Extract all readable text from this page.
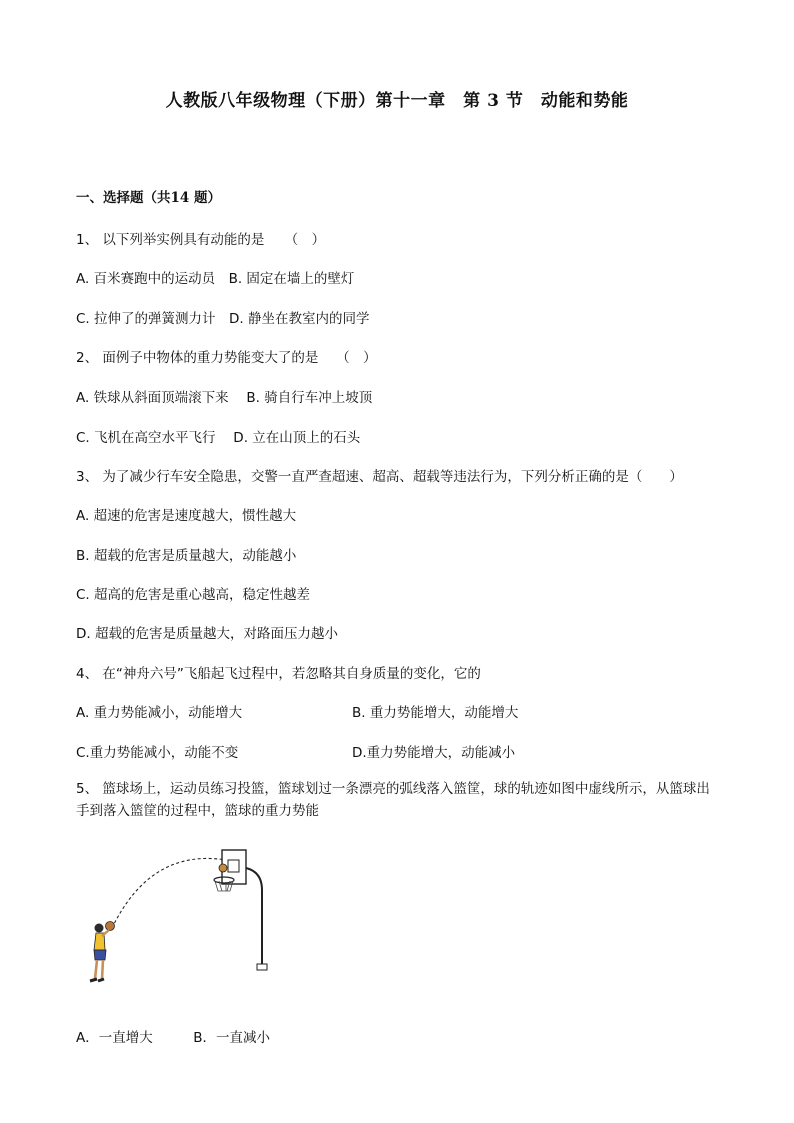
人教版八年级物理（下册）第十一章　第 3 节　动能和势能
一、选择题（共14 题）
1、 以下列举实例具有动能的是　　（　）
A. 百米赛跑中的运动员　B. 固定在墙上的壁灯
C. 拉伸了的弹簧测力计　D. 静坐在教室内的同学
2、 面例子中物体的重力势能变大了的是　 （　）
A. 铁球从斜面顶端滚下来　 B. 骑自行车冲上坡顶
C. 飞机在高空水平飞行　 D. 立在山顶上的石头
3、 为了减少行车安全隐患，交警一直严查超速、超高、超载等违法行为，下列分析正确的是（　　）
A. 超速的危害是速度越大，惯性越大
B. 超载的危害是质量越大，动能越小
C. 超高的危害是重心越高，稳定性越差
D. 超载的危害是质量越大，对路面压力越小
4、 在“神舟六号”飞船起飞过程中，若忽略其自身质量的变化，它的
A. 重力势能减小，动能增大	B. 重力势能增大，动能增大
C.重力势能减小，动能不变	D.重力势能增大，动能减小
5、 篮球场上，运动员练习投篮，篮球划过一条漂亮的弧线落入篮筐，球的轨迹如图中虚线所示，从篮球出手到落入篮筐的过程中，篮球的重力势能
A．一直增大　　　B．一直减小
